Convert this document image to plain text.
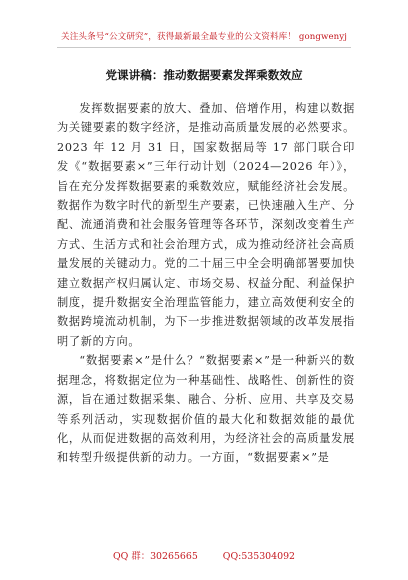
关注头条号“公文研究”，获得最新最全最专业的公文资料库！ gongwenyj
党课讲稿：推动数据要素发挥乘数效应

发挥数据要素的放大、叠加、倍增作用，构建以数据为关键要素的数字经济，是推动高质量发展的必然要求。2023 年 12 月 31 日，国家数据局等 17 部门联合印发《“数据要素×”三年行动计划（2024—2026 年）》，旨在充分发挥数据要素的乘数效应，赋能经济社会发展。数据作为数字时代的新型生产要素，已快速融入生产、分配、流通消费和社会服务管理等各环节，深刻改变着生产方式、生活方式和社会治理方式，成为推动经济社会高质量发展的关键动力。党的二十届三中全会明确部署要加快建立数据产权归属认定、市场交易、权益分配、利益保护制度，提升数据安全治理监管能力，建立高效便利安全的数据跨境流动机制，为下一步推进数据领域的改革发展指明了新的方向。

“数据要素×”是什么？“数据要素×”是一种新兴的数据理念，将数据定位为一种基础性、战略性、创新性的资源，旨在通过数据采集、融合、分析、应用、共享及交易等系列活动，实现数据价值的最大化和数据效能的最优化，从而促进数据的高效利用，为经济社会的高质量发展和转型升级提供新的动力。一方面，“数据要素×”是

QQ 群：30265665	QQ:535304092
